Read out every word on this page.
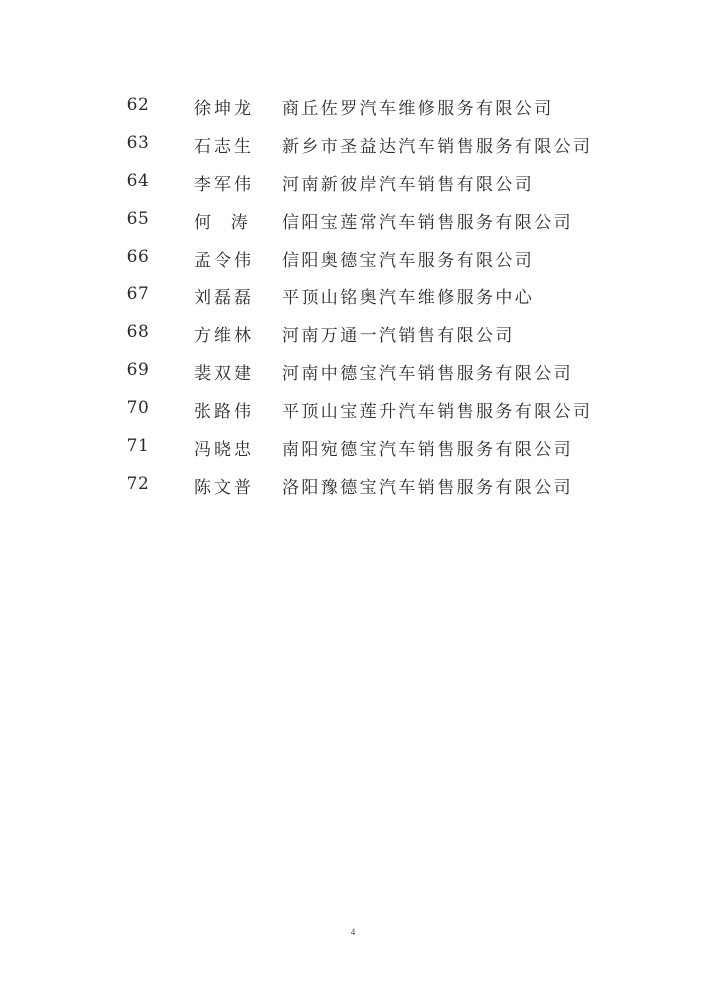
62	徐坤龙 商丘佐罗汽车维修服务有限公司
63	石志生 新乡市圣益达汽车销售服务有限公司
64	李军伟 河南新彼岸汽车销售有限公司
65	何  涛 信阳宝莲常汽车销售服务有限公司
66	孟令伟 信阳奥德宝汽车服务有限公司
67	刘磊磊 平顶山铭奥汽车维修服务中心
68	方维林 河南万通一汽销售有限公司
69	裴双建 河南中德宝汽车销售服务有限公司
70	张路伟 平顶山宝莲升汽车销售服务有限公司
71	冯晓忠 南阳宛德宝汽车销售服务有限公司
72	陈文普 洛阳豫德宝汽车销售服务有限公司
4
